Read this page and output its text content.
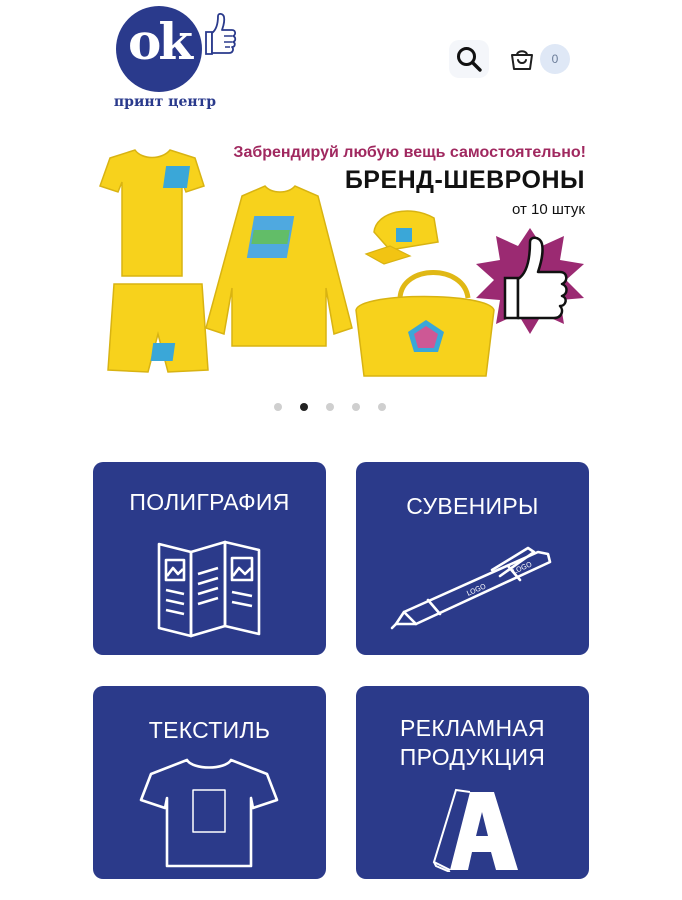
ok
принт центр
0
Забрендируй любую вещь самостоятельно!
БРЕНД-ШЕВРОНЫ
от 10 штук
ПОЛИГРАФИЯ	СУВЕНИРЫ
LOGO
LOGO
ТЕКСТИЛЬ	РЕКЛАМНАЯ ПРОДУКЦИЯ
